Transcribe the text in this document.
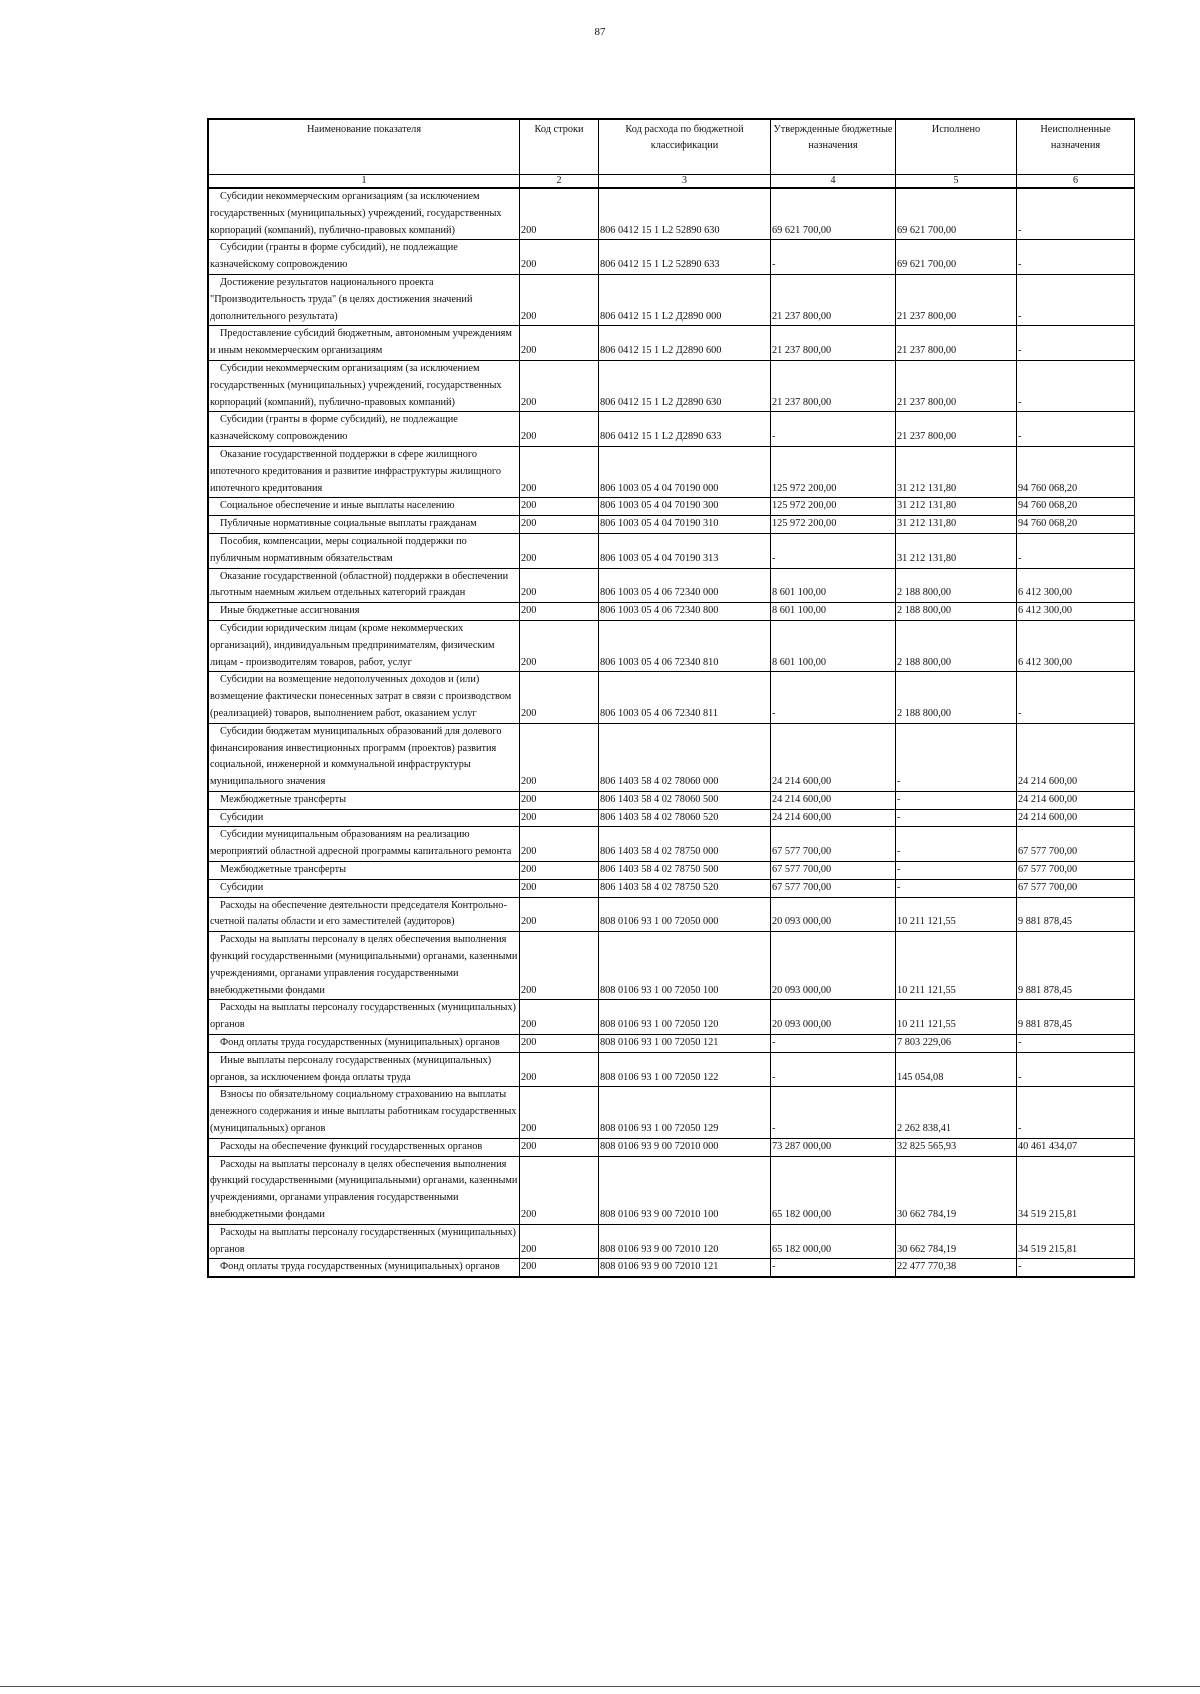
87
Наименование показателя	Код строки	Код расхода по бюджетной классификации	Утвержденные бюджетные назначения	Исполнено	Неисполненные назначения
1	2	3	4	5	6
Субсидии некоммерческим организациям (за исключением государственных (муниципальных) учреждений, государственных корпораций (компаний), публично-правовых компаний)	200	806 0412 15 1 L2 52890 630	69 621 700,00	69 621 700,00	-
Субсидии (гранты в форме субсидий), не подлежащие казначейскому сопровождению	200	806 0412 15 1 L2 52890 633	-	69 621 700,00	-
Достижение результатов национального проекта "Производительность труда" (в целях достижения значений дополнительного результата)	200	806 0412 15 1 L2 Д2890 000	21 237 800,00	21 237 800,00	-
Предоставление субсидий бюджетным, автономным учреждениям и иным некоммерческим организациям	200	806 0412 15 1 L2 Д2890 600	21 237 800,00	21 237 800,00	-
Субсидии некоммерческим организациям (за исключением государственных (муниципальных) учреждений, государственных корпораций (компаний), публично-правовых компаний)	200	806 0412 15 1 L2 Д2890 630	21 237 800,00	21 237 800,00	-
Субсидии (гранты в форме субсидий), не подлежащие казначейскому сопровождению	200	806 0412 15 1 L2 Д2890 633	-	21 237 800,00	-
Оказание государственной поддержки в сфере жилищного ипотечного кредитования и развитие инфраструктуры жилищного ипотечного кредитования	200	806 1003 05 4 04 70190 000	125 972 200,00	31 212 131,80	94 760 068,20
Социальное обеспечение и иные выплаты населению	200	806 1003 05 4 04 70190 300	125 972 200,00	31 212 131,80	94 760 068,20
Публичные нормативные социальные выплаты гражданам	200	806 1003 05 4 04 70190 310	125 972 200,00	31 212 131,80	94 760 068,20
Пособия, компенсации, меры социальной поддержки по публичным нормативным обязательствам	200	806 1003 05 4 04 70190 313	-	31 212 131,80	-
Оказание государственной (областной) поддержки в обеспечении льготным наемным жильем отдельных категорий граждан	200	806 1003 05 4 06 72340 000	8 601 100,00	2 188 800,00	6 412 300,00
Иные бюджетные ассигнования	200	806 1003 05 4 06 72340 800	8 601 100,00	2 188 800,00	6 412 300,00
Субсидии юридическим лицам (кроме некоммерческих организаций), индивидуальным предпринимателям, физическим лицам - производителям товаров, работ, услуг	200	806 1003 05 4 06 72340 810	8 601 100,00	2 188 800,00	6 412 300,00
Субсидии на возмещение недополученных доходов и (или) возмещение фактически понесенных затрат в связи с производством (реализацией) товаров, выполнением работ, оказанием услуг	200	806 1003 05 4 06 72340 811	-	2 188 800,00	-
Субсидии бюджетам муниципальных образований для долевого финансирования инвестиционных программ (проектов) развития социальной, инженерной и коммунальной инфраструктуры муниципального значения	200	806 1403 58 4 02 78060 000	24 214 600,00	-	24 214 600,00
Межбюджетные трансферты	200	806 1403 58 4 02 78060 500	24 214 600,00	-	24 214 600,00
Субсидии	200	806 1403 58 4 02 78060 520	24 214 600,00	-	24 214 600,00
Субсидии муниципальным образованиям на реализацию мероприятий областной адресной программы капитального ремонта	200	806 1403 58 4 02 78750 000	67 577 700,00	-	67 577 700,00
Межбюджетные трансферты	200	806 1403 58 4 02 78750 500	67 577 700,00	-	67 577 700,00
Субсидии	200	806 1403 58 4 02 78750 520	67 577 700,00	-	67 577 700,00
Расходы на обеспечение деятельности председателя Контрольно-счетной палаты области и его заместителей (аудиторов)	200	808 0106 93 1 00 72050 000	20 093 000,00	10 211 121,55	9 881 878,45
Расходы на выплаты персоналу в целях обеспечения выполнения функций государственными (муниципальными) органами, казенными учреждениями, органами управления государственными внебюджетными фондами	200	808 0106 93 1 00 72050 100	20 093 000,00	10 211 121,55	9 881 878,45
Расходы на выплаты персоналу государственных (муниципальных) органов	200	808 0106 93 1 00 72050 120	20 093 000,00	10 211 121,55	9 881 878,45
Фонд оплаты труда государственных (муниципальных) органов	200	808 0106 93 1 00 72050 121	-	7 803 229,06	-
Иные выплаты персоналу государственных (муниципальных) органов, за исключением фонда оплаты труда	200	808 0106 93 1 00 72050 122	-	145 054,08	-
Взносы по обязательному социальному страхованию на выплаты денежного содержания и иные выплаты работникам государственных (муниципальных) органов	200	808 0106 93 1 00 72050 129	-	2 262 838,41	-
Расходы на обеспечение функций государственных органов	200	808 0106 93 9 00 72010 000	73 287 000,00	32 825 565,93	40 461 434,07
Расходы на выплаты персоналу в целях обеспечения выполнения функций государственными (муниципальными) органами, казенными учреждениями, органами управления государственными внебюджетными фондами	200	808 0106 93 9 00 72010 100	65 182 000,00	30 662 784,19	34 519 215,81
Расходы на выплаты персоналу государственных (муниципальных) органов	200	808 0106 93 9 00 72010 120	65 182 000,00	30 662 784,19	34 519 215,81
Фонд оплаты труда государственных (муниципальных) органов	200	808 0106 93 9 00 72010 121	-	22 477 770,38	-
